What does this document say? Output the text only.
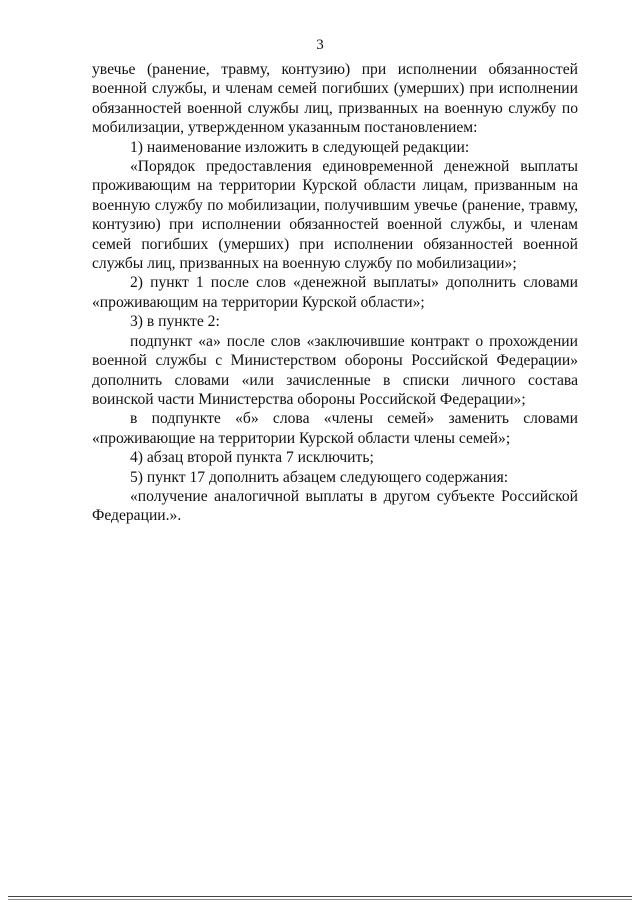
3

увечье (ранение, травму, контузию) при исполнении обязанностей военной службы, и членам семей погибших (умерших) при исполнении обязанностей военной службы лиц, призванных на военную службу по мобилизации, утвержденном указанным постановлением:

1) наименование изложить в следующей редакции:

«Порядок предоставления единовременной денежной выплаты проживающим на территории Курской области лицам, призванным на военную службу по мобилизации, получившим увечье (ранение, травму, контузию) при исполнении обязанностей военной службы, и членам семей погибших (умерших) при исполнении обязанностей военной службы лиц, призванных на военную службу по мобилизации»;

2) пункт 1 после слов «денежной выплаты» дополнить словами «проживающим на территории Курской области»;

3) в пункте 2:

подпункт «а» после слов «заключившие контракт о прохождении военной службы с Министерством обороны Российской Федерации» дополнить словами «или зачисленные в списки личного состава воинской части Министерства обороны Российской Федерации»;

в подпункте «б» слова «члены семей» заменить словами «проживающие на территории Курской области члены семей»;

4) абзац второй пункта 7 исключить;

5) пункт 17 дополнить абзацем следующего содержания:

«получение аналогичной выплаты в другом субъекте Российской Федерации.».
